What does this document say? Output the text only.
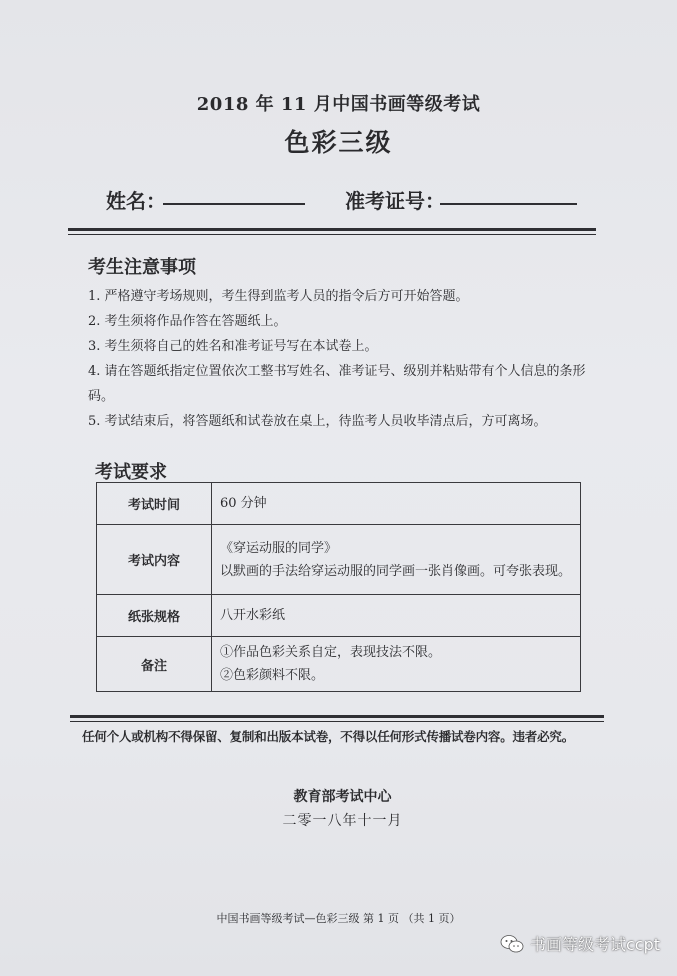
2018 年 11 月中国书画等级考试
色彩三级
姓名：	准考证号：
考生注意事项
1. 严格遵守考场规则，考生得到监考人员的指令后方可开始答题。
2. 考生须将作品作答在答题纸上。
3. 考生须将自己的姓名和准考证号写在本试卷上。
4. 请在答题纸指定位置依次工整书写姓名、准考证号、级别并粘贴带有个人信息的条形码。
5. 考试结束后，将答题纸和试卷放在桌上，待监考人员收毕清点后，方可离场。
考试要求
考试时间	60 分钟

考试内容	《穿运动服的同学》
以默画的手法给穿运动服的同学画一张肖像画。可夸张表现。

纸张规格	八开水彩纸

备注	①作品色彩关系自定，表现技法不限。
②色彩颜料不限。
任何个人或机构不得保留、复制和出版本试卷，不得以任何形式传播试卷内容。违者必究。
教育部考试中心
二零一八年十一月
中国书画等级考试—色彩三级 第 1 页 （共 1 页）
书画等级考试ccpt
